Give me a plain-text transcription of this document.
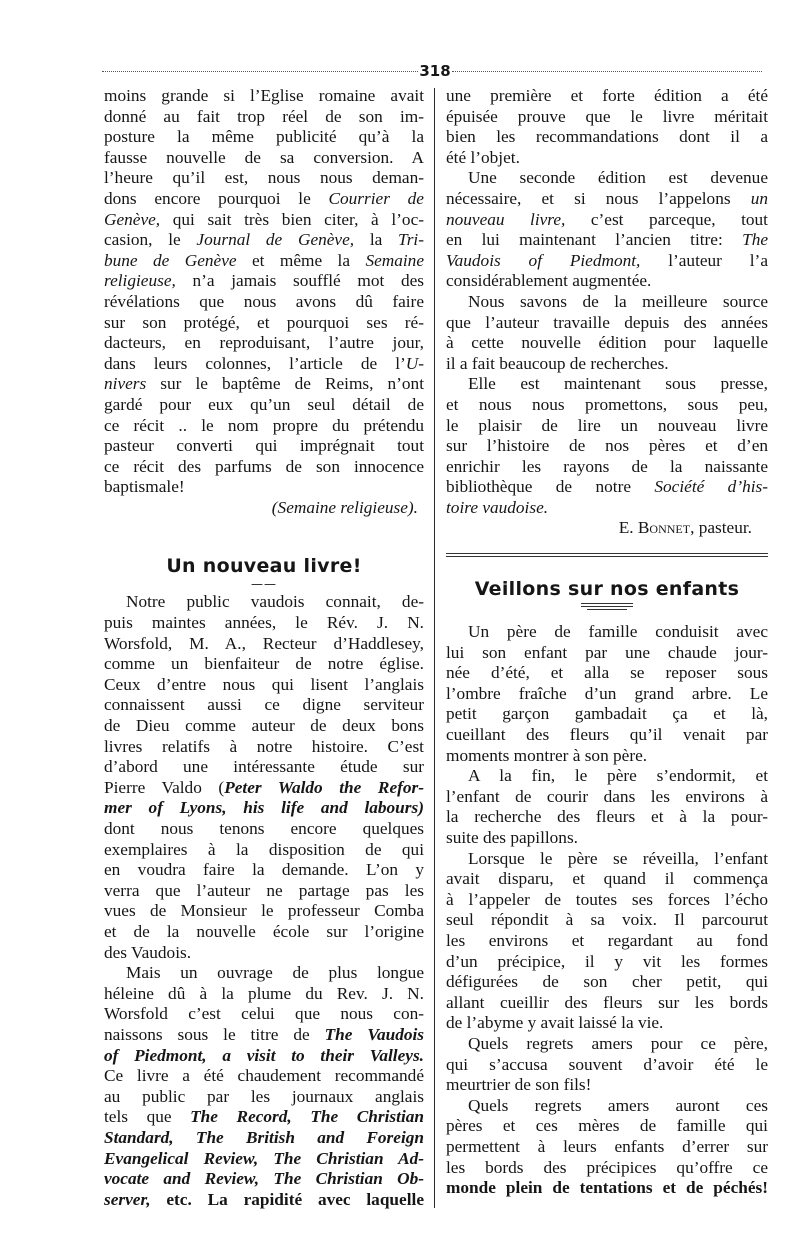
318
moins grande si l’Eglise romaine avait
donné au fait trop réel de son im-
posture la même publicité qu’à la
fausse nouvelle de sa conversion. A
l’heure qu’il est, nous nous deman-
dons encore pourquoi le Courrier de
Genève, qui sait très bien citer, à l’oc-
casion, le Journal de Genève, la Tri-
bune de Genève et même la Semaine
religieuse, n’a jamais soufflé mot des
révélations que nous avons dû faire
sur son protégé, et pourquoi ses ré-
dacteurs, en reproduisant, l’autre jour,
dans leurs colonnes, l’article de l’U-
nivers sur le baptême de Reims, n’ont
gardé pour eux qu’un seul détail de
ce récit .. le nom propre du prétendu
pasteur converti qui imprégnait tout
ce récit des parfums de son innocence
baptismale!

(Semaine religieuse).

Un nouveau livre!
——
Notre public vaudois connait, de-
puis maintes années, le Rév. J. N.
Worsfold, M. A., Recteur d’Haddlesey,
comme un bienfaiteur de notre église.
Ceux d’entre nous qui lisent l’anglais
connaissent aussi ce digne serviteur
de Dieu comme auteur de deux bons
livres relatifs à notre histoire. C’est
d’abord une intéressante étude sur
Pierre Valdo (Peter Waldo the Refor-
mer of Lyons, his life and labours)
dont nous tenons encore quelques
exemplaires à la disposition de qui
en voudra faire la demande. L’on y
verra que l’auteur ne partage pas les
vues de Monsieur le professeur Comba
et de la nouvelle école sur l’origine
des Vaudois.
Mais un ouvrage de plus longue
héleine dû à la plume du Rev. J. N.
Worsfold c’est celui que nous con-
naissons sous le titre de The Vaudois
of Piedmont, a visit to their Valleys.
Ce livre a été chaudement recommandé
au public par les journaux anglais
tels que The Record, The Christian
Standard, The British and Foreign
Evangelical Review, The Christian Ad-
vocate and Review, The Christian Ob-
server, etc. La rapidité avec laquelle
une première et forte édition a été
épuisée prouve que le livre méritait
bien les recommandations dont il a
été l’objet.
Une seconde édition est devenue
nécessaire, et si nous l’appelons un
nouveau livre, c’est parceque, tout
en lui maintenant l’ancien titre: The
Vaudois of Piedmont, l’auteur l’a
considérablement augmentée.
Nous savons de la meilleure source
que l’auteur travaille depuis des années
à cette nouvelle édition pour laquelle
il a fait beaucoup de recherches.
Elle est maintenant sous presse,
et nous nous promettons, sous peu,
le plaisir de lire un nouveau livre
sur l’histoire de nos pères et d’en
enrichir les rayons de la naissante
bibliothèque de notre Société d’his-
toire vaudoise.

E. Bonnet, pasteur.

Veillons sur nos enfants
Un père de famille conduisit avec
lui son enfant par une chaude jour-
née d’été, et alla se reposer sous
l’ombre fraîche d’un grand arbre. Le
petit garçon gambadait ça et là,
cueillant des fleurs qu’il venait par
moments montrer à son père.
A la fin, le père s’endormit, et
l’enfant de courir dans les environs à
la recherche des fleurs et à la pour-
suite des papillons.
Lorsque le père se réveilla, l’enfant
avait disparu, et quand il commença
à l’appeler de toutes ses forces l’écho
seul répondit à sa voix. Il parcourut
les environs et regardant au fond
d’un précipice, il y vit les formes
défigurées de son cher petit, qui
allant cueillir des fleurs sur les bords
de l’abyme y avait laissé la vie.
Quels regrets amers pour ce père,
qui s’accusa souvent d’avoir été le
meurtrier de son fils!
Quels regrets amers auront ces
pères et ces mères de famille qui
permettent à leurs enfants d’errer sur
les bords des précipices qu’offre ce
monde plein de tentations et de péchés!
